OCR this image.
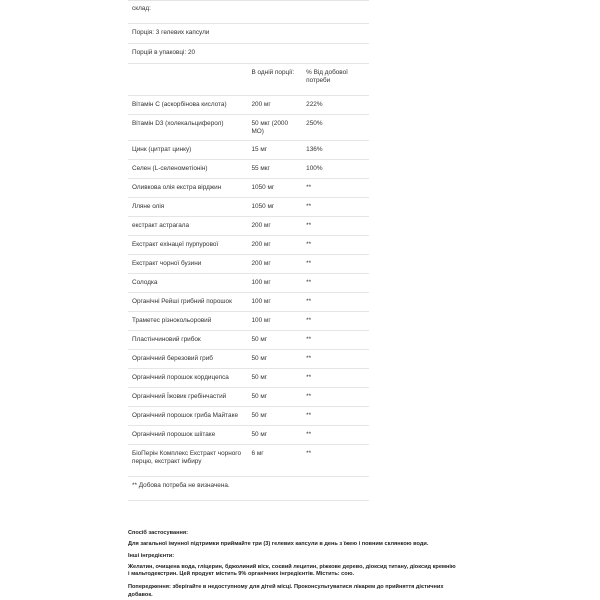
склад:		
Порція: 3 гелевих капсули		
Порцій в упаковці: 20		
	В одній порції:	% Від добової потреби
Вітамін С (аскорбінова кислота)	200 мг	222%
Вітамін D3 (холекальциферол)	50 мкг (2000 МО)	250%
Цинк (цитрат цинку)	15 мг	136%
Селен (L-селенометіонін)	55 мкг	100%
Оливкова олія екстра вірджин	1050 мг	**
Лляне олія	1050 мг	**
екстракт астрагала	200 мг	**
Екстракт ехінацеї пурпурової	200 мг	**
Екстракт чорної бузини	200 мг	**
Солодка	100 мг	**
Органічні Рейші грибний порошок	100 мг	**
Траметес різнокольоровий	100 мг	**
Пластінчиновий грибок	50 мг	**
Органічний березовий гриб	50 мг	**
Органічний порошок кордицепса	50 мг	**
Органічний Їжовик гребінчастий	50 мг	**
Органічний порошок гриба Майтаке	50 мг	**
Органічний порошок шіітаке	50 мг	**
БіоПерін Комплекс Екстракт чорного перцю, екстракт імбиру	6 мг	**
** Добова потреба не визначена.		
Спосіб застосування:
Для загальної імунної підтримки приймайте три (3) гелевих капсули в день з їжею і повним склянкою води.
Інші інгредієнти:
Желатин, очищена вода, гліцерин, бджолиний віск, соєвий лецитин, ріжкове дерево, діоксид титану, діоксид кремнію і мальтодекстрин. Цей продукт містить 9% органічних інгредієнтів. Містить: сою.
Попередження: зберігайте в недоступному для дітей місці. Проконсультуватися лікарем до прийняття дієтичних добавок.
